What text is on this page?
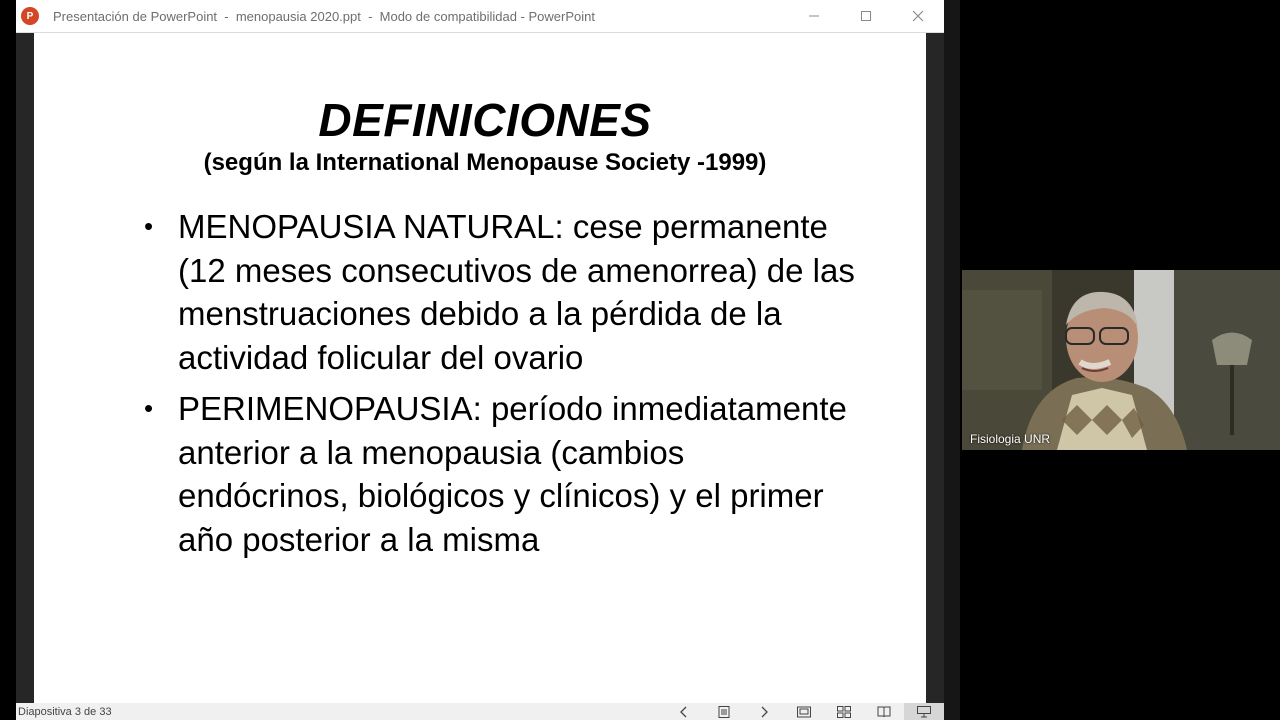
P	Presentación de PowerPoint  -  menopausia 2020.ppt  -  Modo de compatibilidad - PowerPoint
DEFINICIONES
(según la International Menopause Society -1999)
• MENOPAUSIA NATURAL: cese permanente (12 meses consecutivos de amenorrea) de las menstruaciones debido a la pérdida de la actividad folicular del ovario
• PERIMENOPAUSIA: período inmediatamente anterior a la menopausia (cambios endócrinos, biológicos y clínicos) y el primer año posterior a la misma
Diapositiva 3 de 33
Fisiologia UNR
